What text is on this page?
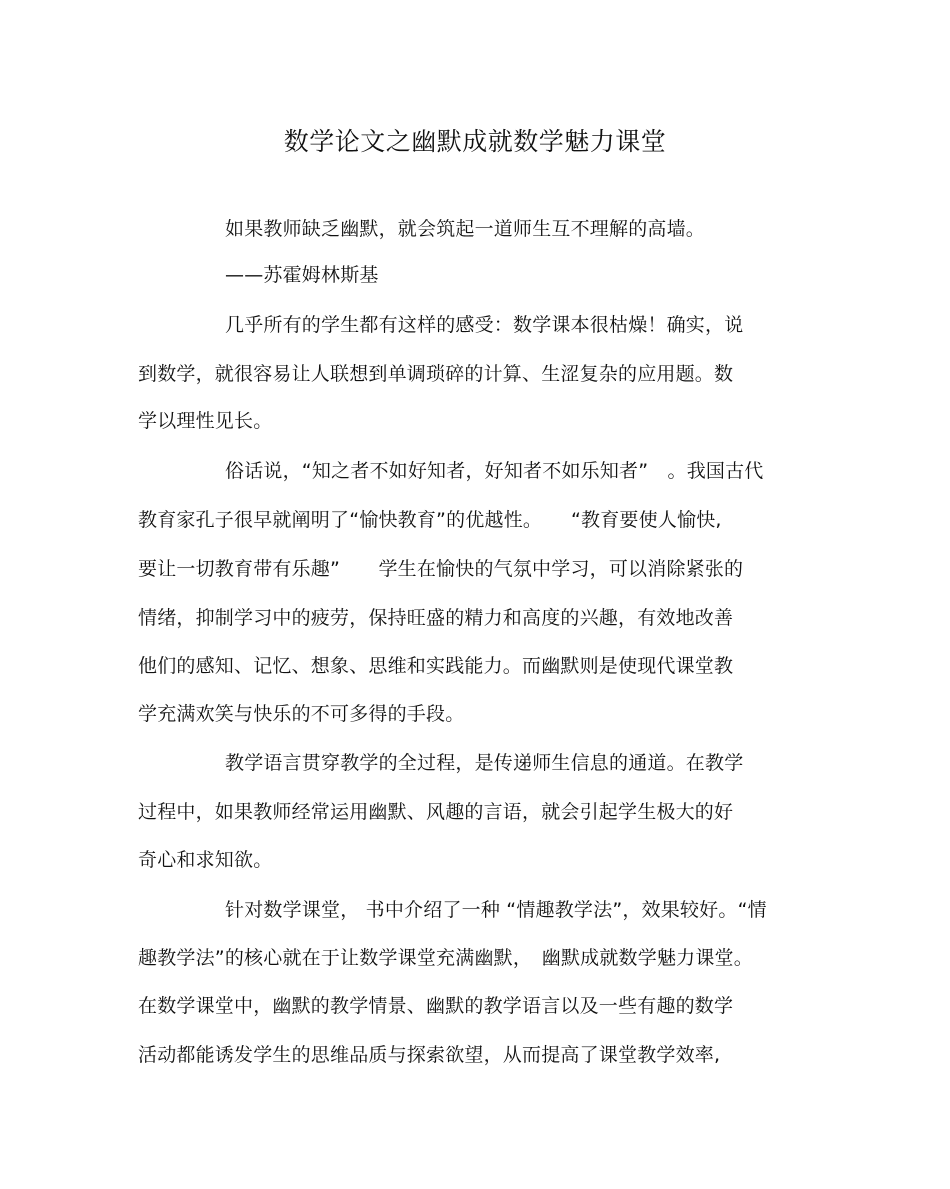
数学论文之幽默成就数学魅力课堂
如果教师缺乏幽默，就会筑起一道师生互不理解的高墙。
——苏霍姆林斯基
几乎所有的学生都有这样的感受：数学课本很枯燥！确实，说
到数学，就很容易让人联想到单调琐碎的计算、生涩复杂的应用题。数
学以理性见长。
俗话说，“知之者不如好知者，好知者不如乐知者”　。我国古代
教育家孔子很早就阐明了“愉快教育”的优越性。　　“教育要使人愉快,
要让一切教育带有乐趣”　　学生在愉快的气氛中学习，可以消除紧张的
情绪，抑制学习中的疲劳，保持旺盛的精力和高度的兴趣，有效地改善
他们的感知、记忆、想象、思维和实践能力。而幽默则是使现代课堂教
学充满欢笑与快乐的不可多得的手段。
教学语言贯穿教学的全过程，是传递师生信息的通道。在教学
过程中，如果教师经常运用幽默、风趣的言语，就会引起学生极大的好
奇心和求知欲。
针对数学课堂， 书中介绍了一种 “情趣教学法”，效果较好。“情
趣教学法”的核心就在于让数学课堂充满幽默，　幽默成就数学魅力课堂。
在数学课堂中，幽默的教学情景、幽默的教学语言以及一些有趣的数学
活动都能诱发学生的思维品质与探索欲望，从而提高了课堂教学效率,
